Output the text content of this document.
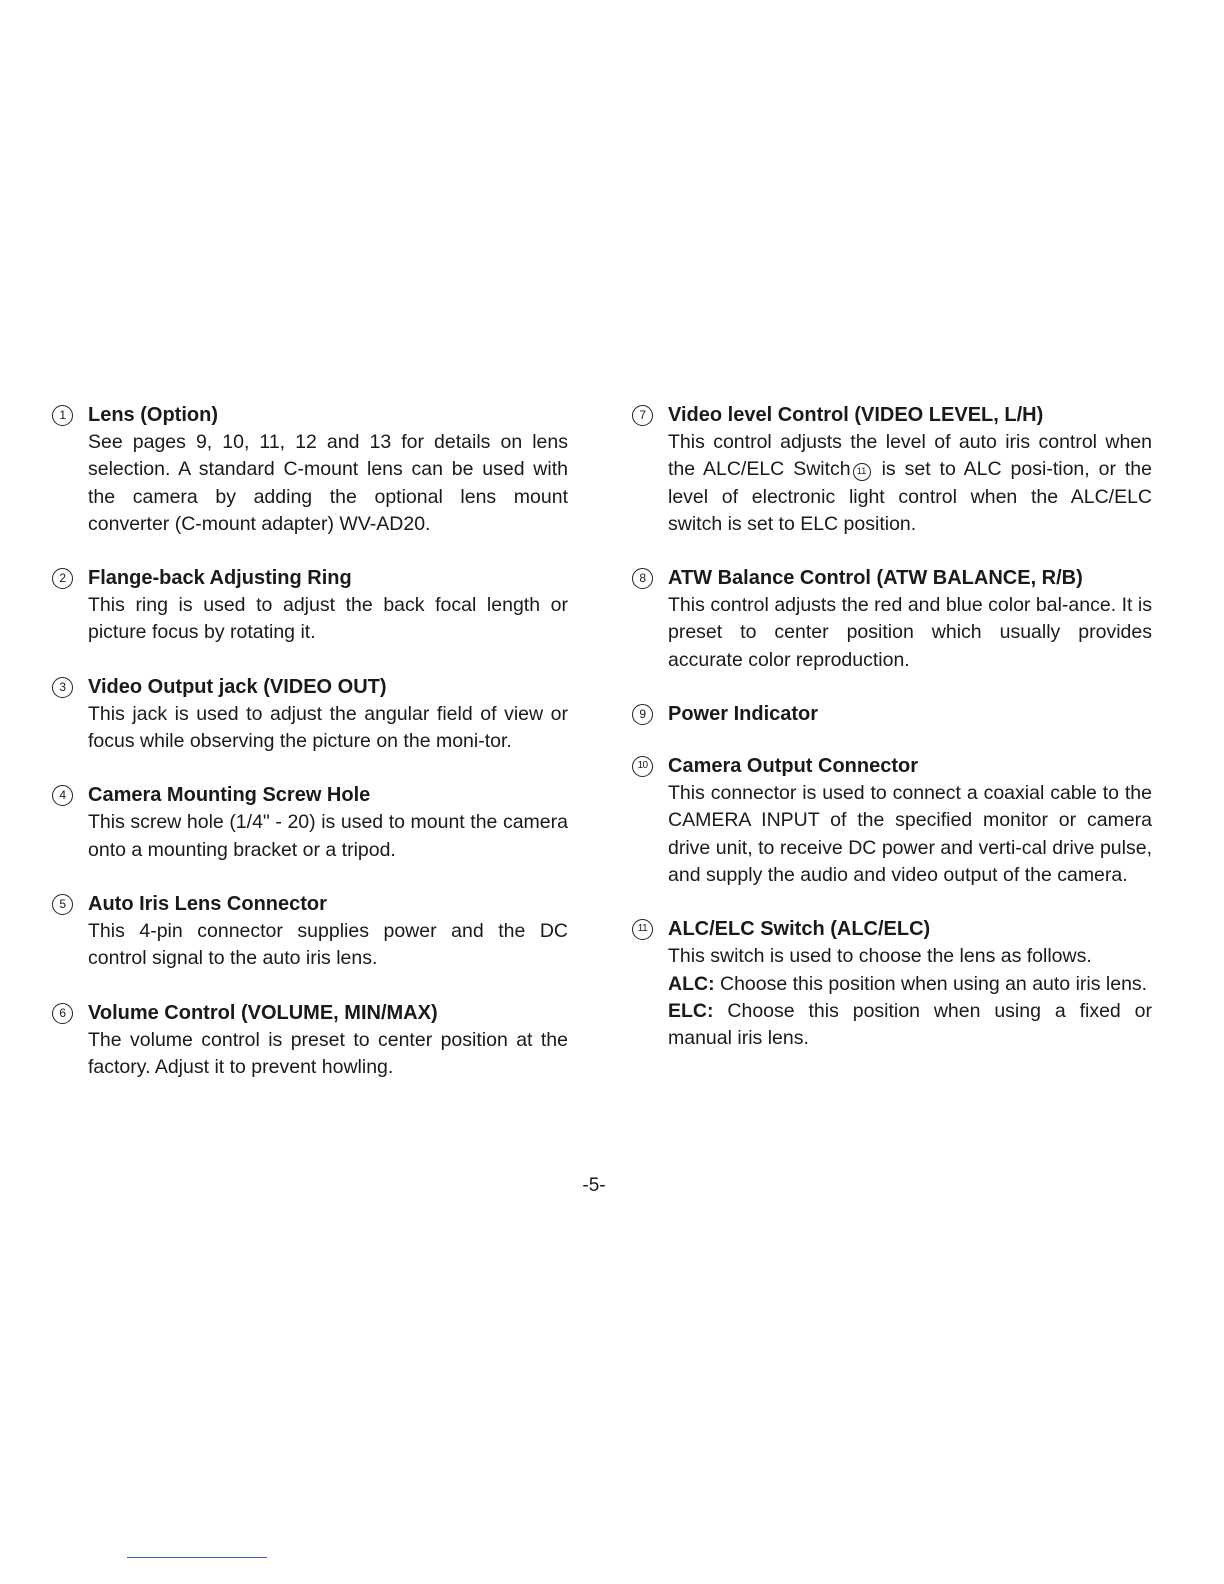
1	Lens (Option)

See pages 9, 10, 11, 12 and 13 for details on lens selection. A standard C-mount lens can be used with the camera by adding the optional lens mount converter (C-mount adapter) WV-AD20.

2	Flange-back Adjusting Ring

This ring is used to adjust the back focal length or picture focus by rotating it.

3	Video Output jack (VIDEO OUT)

This jack is used to adjust the angular field of view or focus while observing the picture on the moni-tor.

4	Camera Mounting Screw Hole

This screw hole (1/4" - 20) is used to mount the camera onto a mounting bracket or a tripod.

5	Auto Iris Lens Connector

This 4-pin connector supplies power and the DC control signal to the auto iris lens.

6	Volume Control (VOLUME, MIN/MAX)

The volume control is preset to center position at the factory. Adjust it to prevent howling.

7	Video level Control (VIDEO LEVEL, L/H)

This control adjusts the level of auto iris control when the ALC/ELC Switch 11 is set to ALC posi-tion, or the level of electronic light control when the ALC/ELC switch is set to ELC position.

8	ATW Balance Control (ATW BALANCE, R/B)

This control adjusts the red and blue color bal-ance. It is preset to center position which usually provides accurate color reproduction.

9	Power Indicator

10 Camera Output Connector

This connector is used to connect a coaxial cable to the CAMERA INPUT of the specified monitor or camera drive unit, to receive DC power and verti-cal drive pulse, and supply the audio and video output of the camera.

11 ALC/ELC Switch (ALC/ELC)

This switch is used to choose the lens as follows.

ALC: Choose this position when using an auto iris lens.

ELC: Choose this position when using a fixed or manual iris lens.

-5-
